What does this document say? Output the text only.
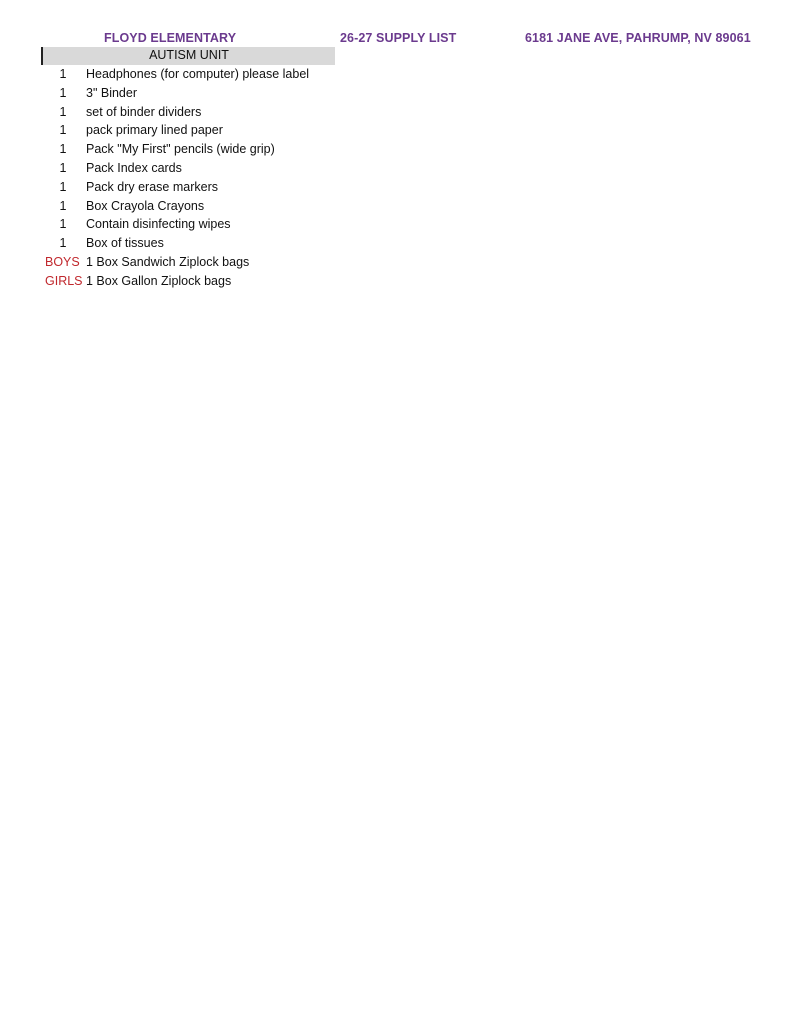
FLOYD ELEMENTARY	26-27 SUPPLY LIST	6181 JANE AVE, PAHRUMP, NV 89061
AUTISM UNIT
1 Headphones (for computer) please label
1 3" Binder
1 set of binder dividers
1 pack primary lined paper
1 Pack "My First" pencils (wide grip)
1 Pack Index cards
1 Pack dry erase markers
1 Box Crayola Crayons
1 Contain disinfecting wipes
1 Box of tissues
BOYS 1 Box Sandwich Ziplock bags
GIRLS 1 Box Gallon Ziplock bags
